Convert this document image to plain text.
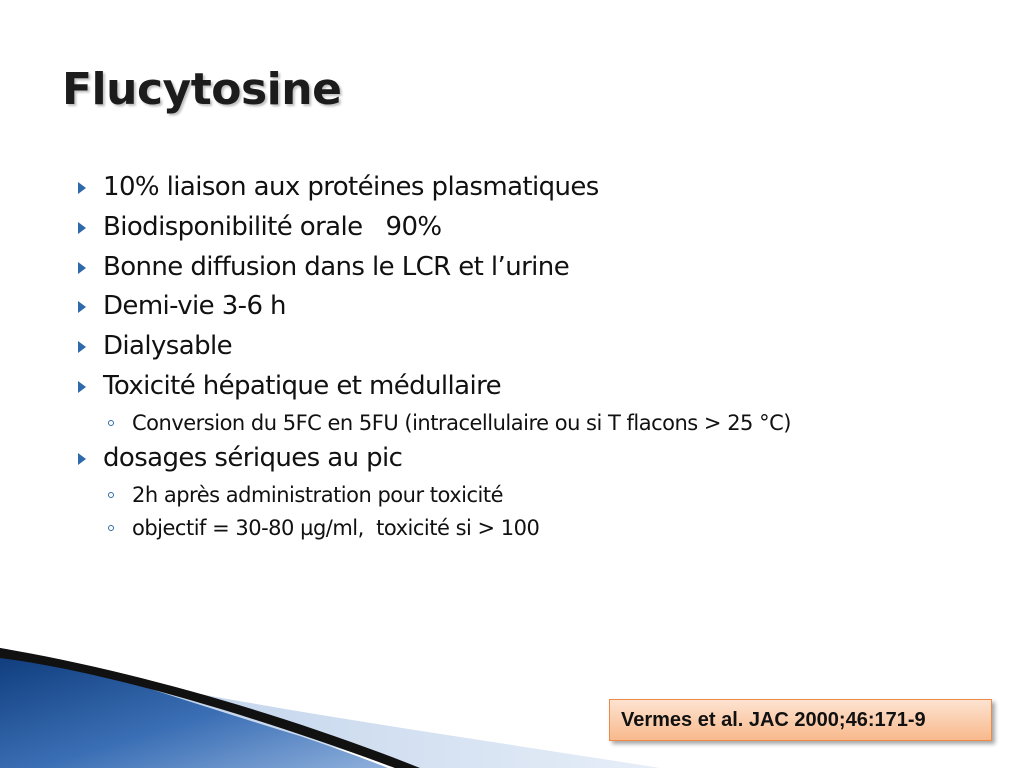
Flucytosine
10% liaison aux protéines plasmatiques
Biodisponibilité orale   90%
Bonne diffusion dans le LCR et l’urine
Demi-vie 3-6 h
Dialysable
Toxicité hépatique et médullaire
Conversion du 5FC en 5FU (intracellulaire ou si T flacons > 25 °C)
dosages sériques au pic
2h après administration pour toxicité
objectif = 30-80 µg/ml,  toxicité si > 100
Vermes et al. JAC 2000;46:171-9
